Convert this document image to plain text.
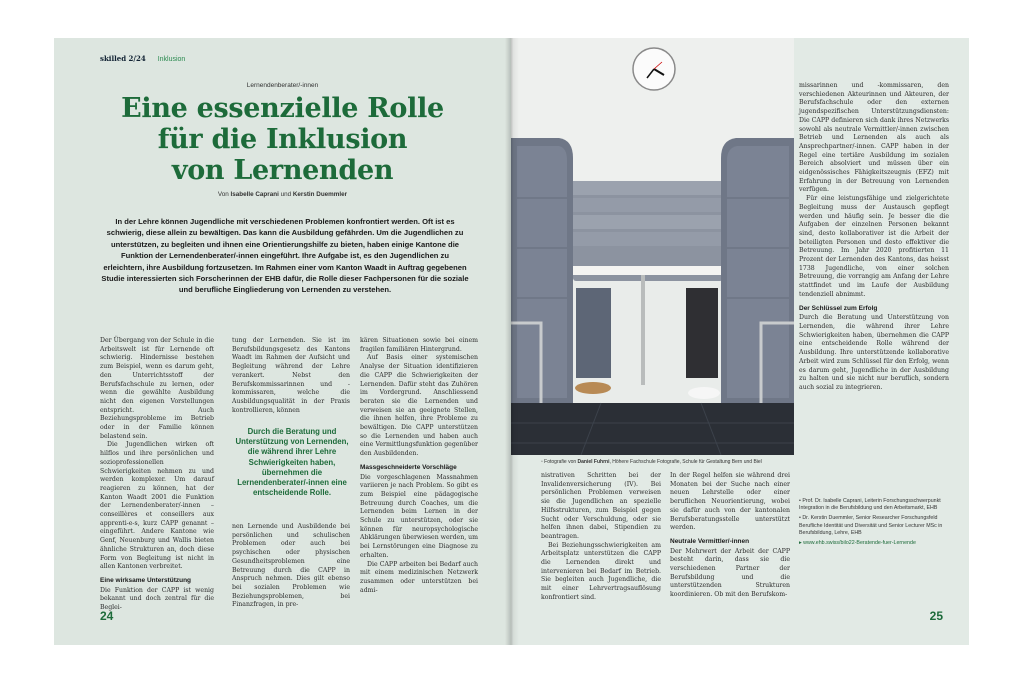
skilled 2/24 Inklusion
Lernendenberater/-innen
Eine essenzielle Rolle
für die Inklusion
von Lernenden
Von Isabelle Caprani und Kerstin Duemmler
In der Lehre können Jugendliche mit verschiedenen Problemen konfrontiert werden. Oft ist es schwierig, diese allein zu bewältigen. Das kann die Ausbildung gefährden. Um die Jugendlichen zu unterstützen, zu begleiten und ihnen eine Orientierungshilfe zu bieten, haben einige Kantone die Funktion der Lernendenberater/-innen eingeführt. Ihre Aufgabe ist, es den Jugendlichen zu erleichtern, ihre Ausbildung fortzusetzen. Im Rahmen einer vom Kanton Waadt in Auftrag gegebenen Studie interessierten sich Forscherinnen der EHB dafür, die Rolle dieser Fachpersonen für die soziale und berufliche Eingliederung von Lernenden zu verstehen.

Der Übergang von der Schule in die Arbeitswelt ist für Lernende oft schwierig. Hindernisse bestehen zum Beispiel, wenn es darum geht, den Unterrichtsstoff der Berufsfachschule zu lernen, oder wenn die gewählte Ausbildung nicht den eigenen Vorstellungen entspricht. Auch Beziehungsprobleme im Betrieb oder in der Familie können belastend sein.

Die Jugendlichen wirken oft hilflos und ihre persönlichen und sozioprofessionellen Schwierigkeiten nehmen zu und werden komplexer. Um darauf reagieren zu können, hat der Kanton Waadt 2001 die Funktion der Lernendenberater/-innen – conseillères et conseillers aux apprenti-e-s, kurz CAPP genannt – eingeführt. Andere Kantone wie Genf, Neuenburg und Wallis bieten ähnliche Strukturen an, doch diese Form von Begleitung ist nicht in allen Kantonen verbreitet.

Eine wirksame Unterstützung

Die Funktion der CAPP ist wenig bekannt und doch zentral für die Beglei-

tung der Lernenden. Sie ist im Berufsbildungsgesetz des Kantons Waadt im Rahmen der Aufsicht und Begleitung während der Lehre verankert. Nebst den Berufskommissarinnen und -kommissaren, welche die Ausbildungsqualität in der Praxis kontrollieren, können

Durch die Beratung und Unterstützung von Lernenden, die während ihrer Lehre Schwierigkeiten haben, übernehmen die Lernendenberater/-innen eine entscheidende Rolle.

nen Lernende und Ausbildende bei persönlichen und schulischen Problemen oder auch bei psychischen oder physischen Gesundheitsproblemen eine Betreuung durch die CAPP in Anspruch nehmen. Dies gilt ebenso bei sozialen Problemen wie Beziehungsproblemen, bei Finanzfragen, in pre-

kären Situationen sowie bei einem fragilen familiären Hintergrund.

Auf Basis einer systemischen Analyse der Situation identifizieren die CAPP die Schwierigkeiten der Lernenden. Dafür steht das Zuhören im Vordergrund. Anschliessend beraten sie die Lernenden und verweisen sie an geeignete Stellen, die ihnen helfen, ihre Probleme zu bewältigen. Die CAPP unterstützen so die Lernenden und haben auch eine Vermittlungsfunktion gegenüber den Ausbildenden.

Massgeschneiderte Vorschläge

Die vorgeschlagenen Massnahmen variieren je nach Problem. So gibt es zum Beispiel eine pädagogische Betreuung durch Coaches, um die Lernenden beim Lernen in der Schule zu unterstützen, oder sie können für neuropsychologische Abklärungen überwiesen werden, um bei Lernstörungen eine Diagnose zu erhalten.

Die CAPP arbeiten bei Bedarf auch mit einem medizinischen Netzwerk zusammen oder unterstützen bei admi-

24
▫ Fotografie von Daniel Fuhrni, Höhere Fachschule Fotografie, Schule für Gestaltung Bern und Biel

nistrativen Schritten bei der Invalidenversicherung (IV). Bei persönlichen Problemen verweisen sie die Jugendlichen an spezielle Hilfsstrukturen, zum Beispiel gegen Sucht oder Verschuldung, oder sie helfen ihnen dabei, Stipendien zu beantragen.

Bei Beziehungsschwierigkeiten am Arbeitsplatz unterstützen die CAPP die Lernenden direkt und intervenieren bei Bedarf im Betrieb. Sie begleiten auch Jugendliche, die mit einer Lehrvertragsauflösung konfrontiert sind.

In der Regel helfen sie während drei Monaten bei der Suche nach einer neuen Lehrstelle oder einer beruflichen Neuorientierung, wobei sie dafür auch von der kantonalen Berufsberatungsstelle unterstützt werden.

Neutrale Vermittler/-innen

Der Mehrwert der Arbeit der CAPP besteht darin, dass sie die verschiedenen Partner der Berufsbildung und die unterstützenden Strukturen koordinieren. Ob mit den Berufskom-

missarinnen und -kommissaren, den verschiedenen Akteurinnen und Akteuren, der Berufsfachschule oder den externen jugendspezifischen Unterstützungsdiensten: Die CAPP definieren sich dank ihres Netzwerks sowohl als neutrale Vermittler/-innen zwischen Betrieb und Lernenden als auch als Ansprechpartner/-innen. CAPP haben in der Regel eine tertiäre Ausbildung im sozialen Bereich absolviert und müssen über ein eidgenössisches Fähigkeitszeugnis (EFZ) mit Erfahrung in der Betreuung von Lernenden verfügen.

Für eine leistungsfähige und zielgerichtete Begleitung muss der Austausch gepflegt werden und häufig sein. Je besser die die Aufgaben der einzelnen Personen bekannt sind, desto kollaborativer ist die Arbeit der beteiligten Personen und desto effektiver die Betreuung. Im Jahr 2020 profitierten 11 Prozent der Lernenden des Kantons, das heisst 1738 Jugendliche, von einer solchen Betreuung, die vorrangig am Anfang der Lehre stattfindet und im Laufe der Ausbildung tendenziell abnimmt.

Der Schlüssel zum Erfolg

Durch die Beratung und Unterstützung von Lernenden, die während ihrer Lehre Schwierigkeiten haben, übernehmen die CAPP eine entscheidende Rolle während der Ausbildung. Ihre unterstützende kollaborative Arbeit wird zum Schlüssel für den Erfolg, wenn es darum geht, Jugendliche in der Ausbildung zu halten und sie nicht nur beruflich, sondern auch sozial zu integrieren.

• Prof. Dr. Isabelle Caprani, Leiterin Forschungsschwerpunkt Integration in die Berufsbildung und den Arbeitsmarkt, EHB
• Dr. Kerstin Duemmler, Senior Researcher Forschungsfeld Berufliche Identität und Diversität und Senior Lecturer MSc in Berufsbildung, Lehre, EHB
▸ www.ehb.swiss/bilo22-Beratende-fuer-Lernende
25
